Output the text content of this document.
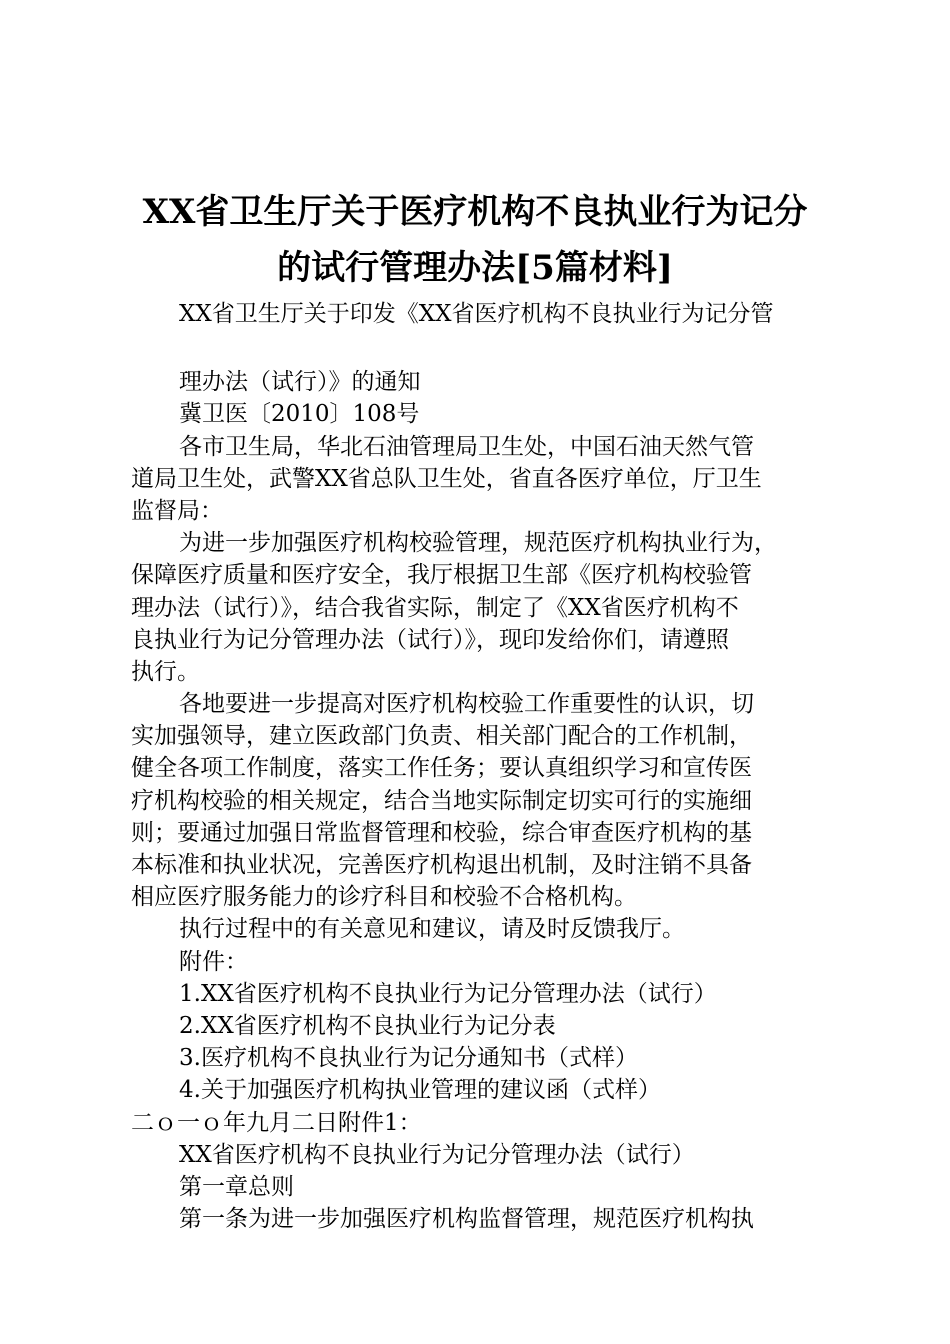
XX省卫生厅关于医疗机构不良执业行为记分
的试行管理办法[5篇材料]
XX省卫生厅关于印发《XX省医疗机构不良执业行为记分管
理办法（试行）》的通知
冀卫医〔2010〕108号
各市卫生局，华北石油管理局卫生处，中国石油天然气管
道局卫生处，武警XX省总队卫生处，省直各医疗单位，厅卫生
监督局：
为进一步加强医疗机构校验管理，规范医疗机构执业行为，
保障医疗质量和医疗安全，我厅根据卫生部《医疗机构校验管
理办法（试行）》，结合我省实际，制定了《XX省医疗机构不
良执业行为记分管理办法（试行）》，现印发给你们，请遵照
执行。
各地要进一步提高对医疗机构校验工作重要性的认识，切
实加强领导，建立医政部门负责、相关部门配合的工作机制，
健全各项工作制度，落实工作任务；要认真组织学习和宣传医
疗机构校验的相关规定，结合当地实际制定切实可行的实施细
则；要通过加强日常监督管理和校验，综合审查医疗机构的基
本标准和执业状况，完善医疗机构退出机制，及时注销不具备
相应医疗服务能力的诊疗科目和校验不合格机构。
执行过程中的有关意见和建议，请及时反馈我厅。
附件：
1.XX省医疗机构不良执业行为记分管理办法（试行）
2.XX省医疗机构不良执业行为记分表
3.医疗机构不良执业行为记分通知书（式样）
4.关于加强医疗机构执业管理的建议函（式样）
二ｏ一ｏ年九月二日附件1：
XX省医疗机构不良执业行为记分管理办法（试行）
第一章总则
第一条为进一步加强医疗机构监督管理，规范医疗机构执
